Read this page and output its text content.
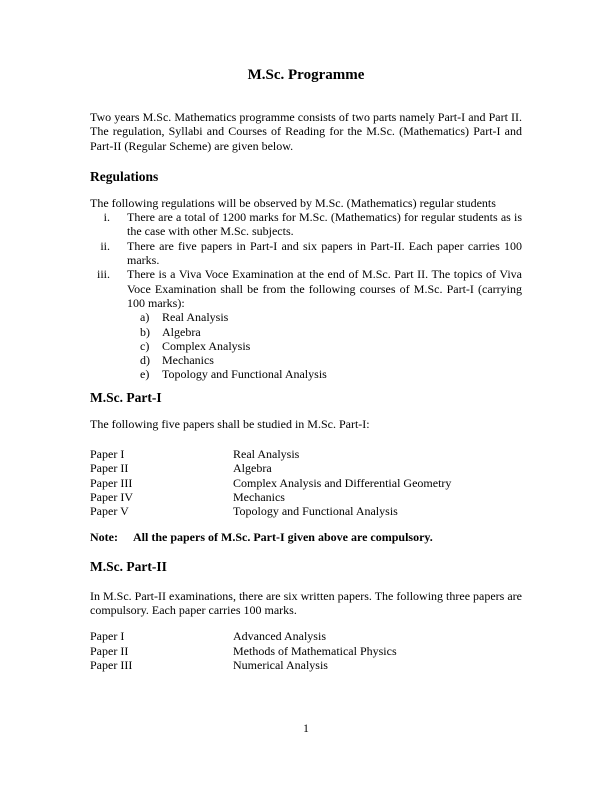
M.Sc. Programme

Two years M.Sc. Mathematics programme consists of two parts namely Part-I and Part II. The regulation, Syllabi and Courses of Reading for the M.Sc. (Mathematics) Part-I and Part-II (Regular Scheme) are given below.

Regulations

The following regulations will be observed by M.Sc. (Mathematics) regular students

i. There are a total of 1200 marks for M.Sc. (Mathematics) for regular students as is the case with other M.Sc. subjects.
ii. There are five papers in Part-I and six papers in Part-II. Each paper carries 100 marks.
iii. There is a Viva Voce Examination at the end of M.Sc. Part II. The topics of Viva Voce Examination shall be from the following courses of M.Sc. Part-I (carrying 100 marks):
a)	Real Analysis
b)	Algebra
c)	Complex Analysis
d)	Mechanics
e)	Topology and Functional Analysis
M.Sc. Part-I

The following five papers shall be studied in M.Sc. Part-I:

Paper I	Real Analysis
Paper II	Algebra
Paper III	Complex Analysis and Differential Geometry
Paper IV	Mechanics
Paper V	Topology and Functional Analysis
Note:	All the papers of M.Sc. Part-I given above are compulsory.
M.Sc. Part-II

In M.Sc. Part-II examinations, there are six written papers. The following three papers are compulsory. Each paper carries 100 marks.

Paper I	Advanced Analysis
Paper II	Methods of Mathematical Physics
Paper III	Numerical Analysis
1
